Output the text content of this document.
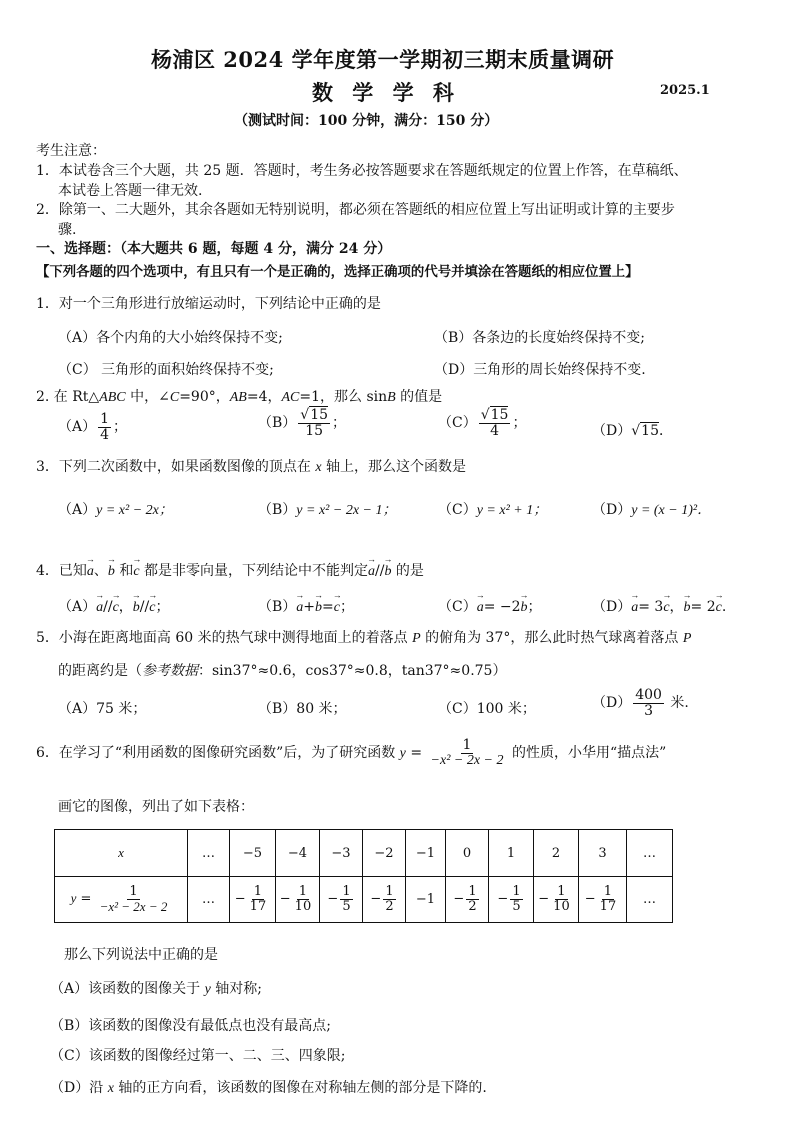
杨浦区 2024 学年度第一学期初三期末质量调研
数 学 学 科	2025.1
（测试时间：100 分钟，满分：150 分）
考生注意：
1．本试卷含三个大题，共 25 题．答题时，考生务必按答题要求在答题纸规定的位置上作答，在草稿纸、
本试卷上答题一律无效.
2．除第一、二大题外，其余各题如无特别说明，都必须在答题纸的相应位置上写出证明或计算的主要步
骤.
一、选择题：（本大题共 6 题，每题 4 分，满分 24 分）
【下列各题的四个选项中，有且只有一个是正确的，选择正确项的代号并填涂在答题纸的相应位置上】
1．对一个三角形进行放缩运动时，下列结论中正确的是
（A）各个内角的大小始终保持不变;	（B）各条边的长度始终保持不变;
（C） 三角形的面积始终保持不变;	（D）三角形的周长始终保持不变.
2. 在 Rt△ABC 中，∠C=90°，AB=4，AC=1，那么 sinB 的值是
$(A) \frac{1}{4}$ ；	$(B) \frac{√15}{15}$ ；	$(C) \frac{√15}{4}$ ；	（D）√15．
3．下列二次函数中，如果函数图像的顶点在 x 轴上，那么这个函数是
（A）y = x² − 2x；	（B）y = x² − 2x − 1；	（C）y = x² + 1；	（D）y = (x − 1)²．
4．已知→ a、→ b 和→ c 都是非零向量，下列结论中不能判定→ a//→ b 的是
（A）→ a//→ c，→ b//→ c；	（B）→ a+→ b=→ c；	（C）→ a= −2→ b；	（D）→ a= 3→ c，→ b= 2→ c.
5．小海在距离地面高 60 米的热气球中测得地面上的着落点 P 的俯角为 37°，那么此时热气球离着落点 P
的距离约是（参考数据：sin37°≈0.6，cos37°≈0.8，tan37°≈0.75）
（A）75 米；	（B）80 米；	（C）100 米；	$(D) \frac{400}{3}$ 米.
6．在学习了“利用函数的图像研究函数”后，为了研究函数 $y = \frac{1}{\text{−x² − 2x − 2}}$ 的性质，小华用“描点法”
画它的图像，列出了如下表格：
x	…	−5	−4	−3	−2	−1	0	1	2	3	…
$y = \frac{1}{\text{−x² − 2x − 2}}$	…	− $\frac{1}{17}$	− $\frac{1}{10}$	− $\frac{1}{5}$	− $\frac{1}{2}$	−1	− $\frac{1}{2}$	− $\frac{1}{5}$	− $\frac{1}{10}$	− $\frac{1}{17}$	…
那么下列说法中正确的是
（A）该函数的图像关于 y 轴对称;
（B）该函数的图像没有最低点也没有最高点;
（C）该函数的图像经过第一、二、三、四象限;
（D）沿 x 轴的正方向看，该函数的图像在对称轴左侧的部分是下降的.
